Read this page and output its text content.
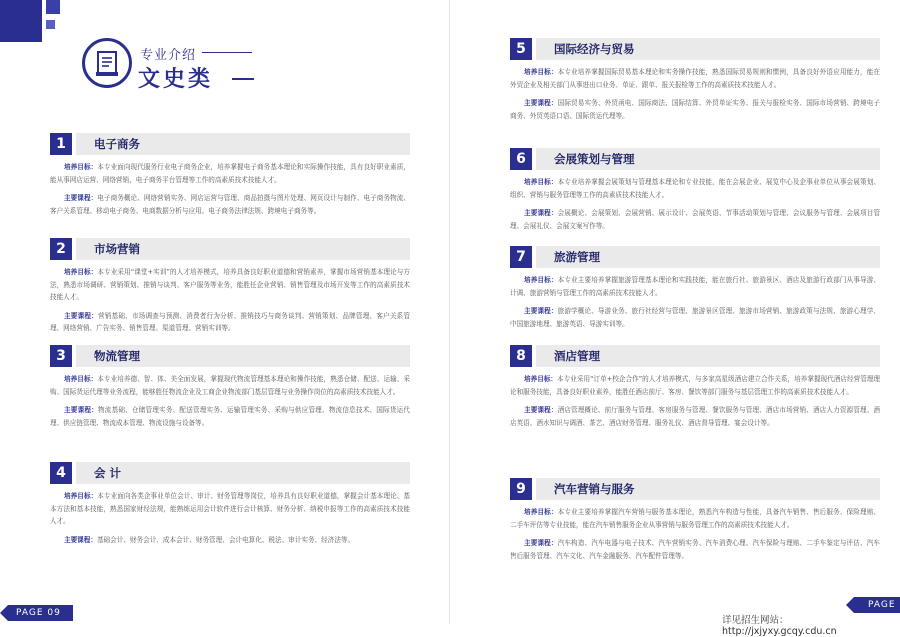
专业介绍
文史类
1	电子商务

培养目标：本专业面向现代服务行业电子商务企业，培养掌握电子商务基本理论和实际操作技能，具有良好职业素质，能从事网店运营、网络营销、电子商务平台管理等工作的高素质技术技能人才。

主要课程：电子商务概论、网络营销实务、网店运营与管理、商品拍摄与图片处理、网页设计与制作、电子商务物流、客户关系管理、移动电子商务、电商数据分析与应用、电子商务法律法规、跨境电子商务等。

2	市场营销

培养目标：本专业采用“课堂+实训”的人才培养模式，培养具备良好职业道德和营销素养，掌握市场营销基本理论与方法，熟悉市场调研、营销策划、推销与谈判、客户服务等业务，能胜任企业营销、销售管理及市场开发等工作的高素质技术技能人才。

主要课程：营销基础、市场调查与预测、消费者行为分析、推销技巧与商务谈判、营销策划、品牌管理、客户关系管理、网络营销、广告实务、销售管理、渠道管理、营销实训等。

3	物流管理

培养目标：本专业培养德、智、体、美全面发展，掌握现代物流管理基本理论和操作技能，熟悉仓储、配送、运输、采购、国际货运代理等业务流程，能够胜任物流企业及工商企业物流部门基层管理与业务操作岗位的高素质技术技能人才。

主要课程：物流基础、仓储管理实务、配送管理实务、运输管理实务、采购与供应管理、物流信息技术、国际货运代理、供应链管理、物流成本管理、物流设施与设备等。

4	会 计

培养目标：本专业面向各类企事业单位会计、审计、财务管理等岗位，培养具有良好职业道德，掌握会计基本理论、基本方法和基本技能，熟悉国家财经法规，能熟练运用会计软件进行会计核算、财务分析、纳税申报等工作的高素质技术技能人才。

主要课程：基础会计、财务会计、成本会计、财务管理、会计电算化、税法、审计实务、经济法等。

PAGE 09
5	国际经济与贸易

培养目标：本专业培养掌握国际贸易基本理论和实务操作技能，熟悉国际贸易规则和惯例，具备良好外语应用能力，能在外贸企业及相关部门从事进出口业务、单证、跟单、报关报检等工作的高素质技术技能人才。

主要课程：国际贸易实务、外贸函电、国际商法、国际结算、外贸单证实务、报关与报检实务、国际市场营销、跨境电子商务、外贸英语口语、国际货运代理等。

6	会展策划与管理

培养目标：本专业培养掌握会展策划与管理基本理论和专业技能，能在会展企业、展览中心及企事业单位从事会展策划、组织、营销与服务管理等工作的高素质技术技能人才。

主要课程：会展概论、会展策划、会展营销、展示设计、会展英语、节事活动策划与管理、会议服务与管理、会展项目管理、会展礼仪、会展文案写作等。

7	旅游管理

培养目标：本专业主要培养掌握旅游管理基本理论和实践技能，能在旅行社、旅游景区、酒店及旅游行政部门从事导游、计调、旅游营销与管理工作的高素质技术技能人才。

主要课程：旅游学概论、导游业务、旅行社经营与管理、旅游景区管理、旅游市场营销、旅游政策与法规、旅游心理学、中国旅游地理、旅游英语、导游实训等。

8	酒店管理

培养目标：本专业采用“订单+校企合作”的人才培养模式，与多家高星级酒店建立合作关系，培养掌握现代酒店经营管理理论和服务技能，具备良好职业素养，能胜任酒店前厅、客房、餐饮等部门服务与基层管理工作的高素质技术技能人才。

主要课程：酒店管理概论、前厅服务与管理、客房服务与管理、餐饮服务与管理、酒店市场营销、酒店人力资源管理、酒店英语、酒水知识与调酒、茶艺、酒店财务管理、服务礼仪、酒店督导管理、宴会设计等。

9	汽车营销与服务

培养目标：本专业主要培养掌握汽车营销与服务基本理论，熟悉汽车构造与性能，具备汽车销售、售后服务、保险理赔、二手车评估等专业技能，能在汽车销售服务企业从事营销与服务管理工作的高素质技术技能人才。

主要课程：汽车构造、汽车电器与电子技术、汽车营销实务、汽车消费心理、汽车保险与理赔、二手车鉴定与评估、汽车售后服务管理、汽车文化、汽车金融服务、汽车配件管理等。

详见招生网站：http://jxjyxy.gcqy.cdu.cn
PAGE 10
